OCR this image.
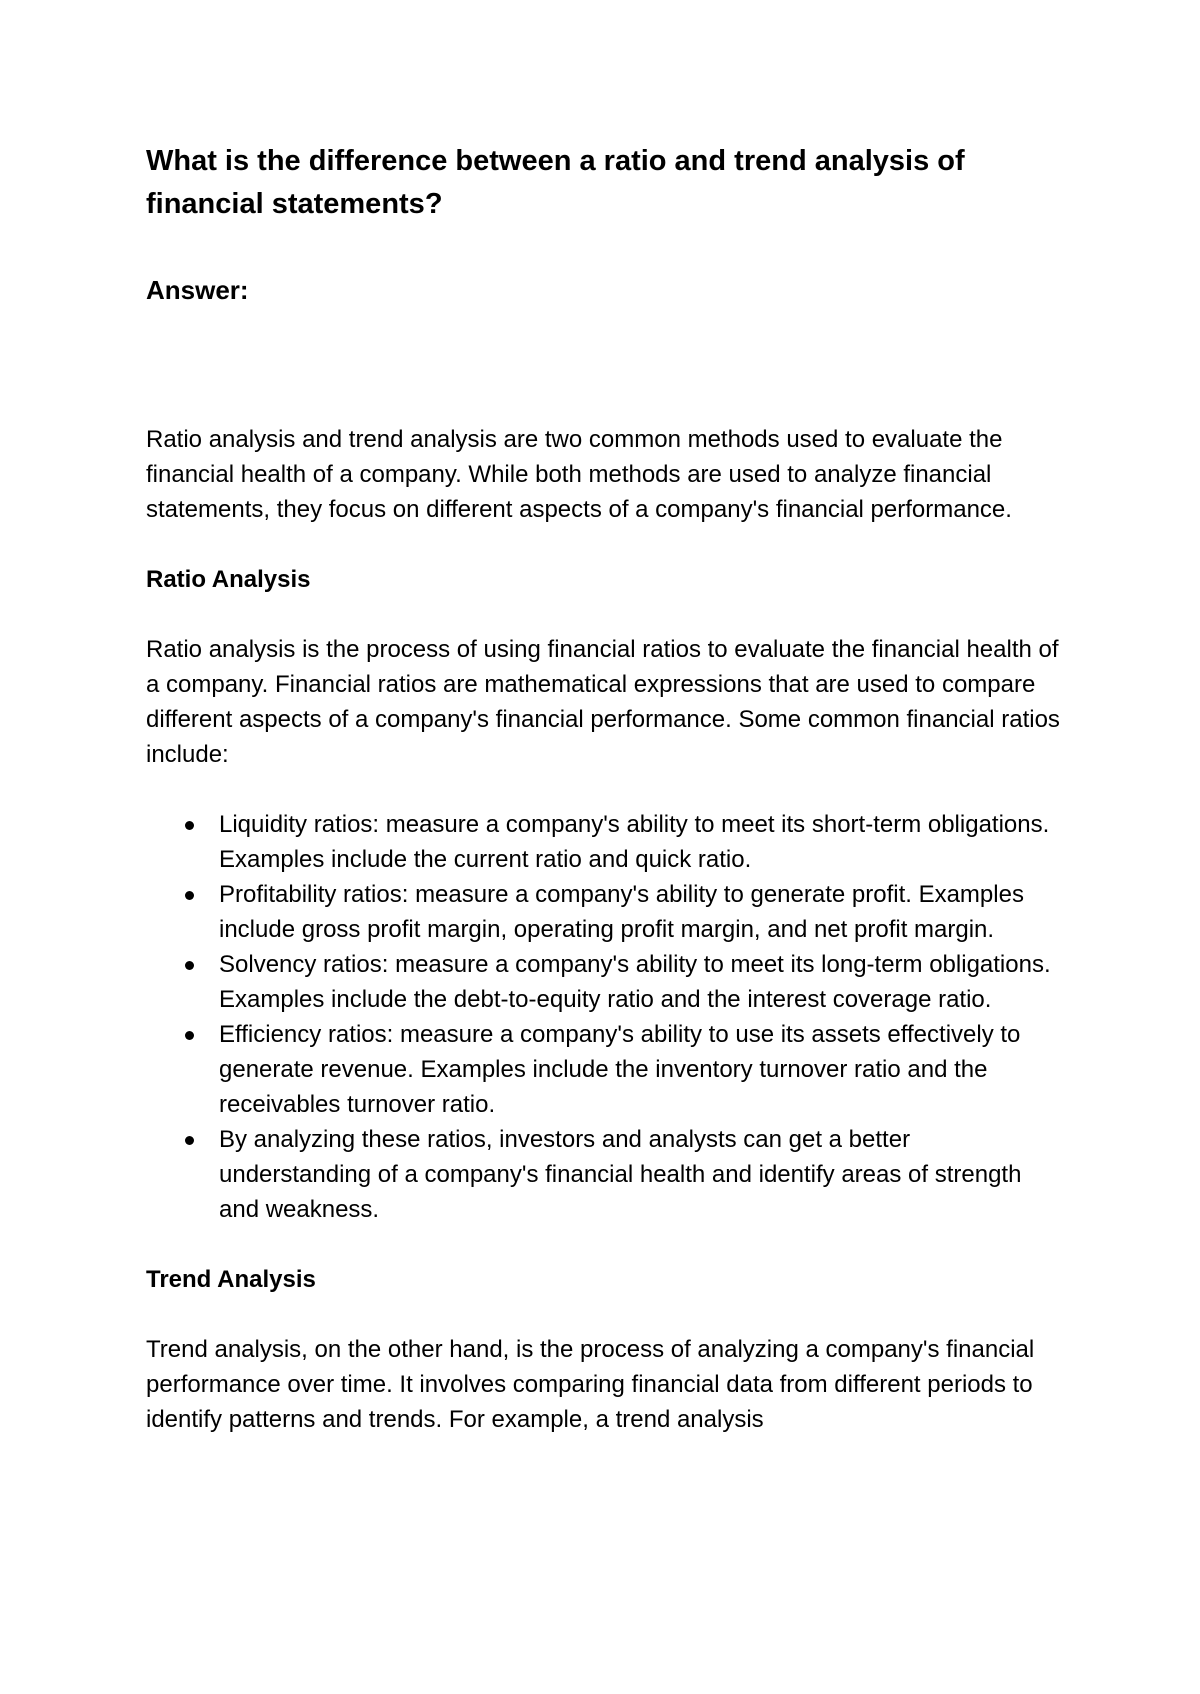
What is the difference between a ratio and trend analysis of financial statements?
Answer:

Ratio analysis and trend analysis are two common methods used to evaluate the financial health of a company. While both methods are used to analyze financial statements, they focus on different aspects of a company's financial performance.

Ratio Analysis

Ratio analysis is the process of using financial ratios to evaluate the financial health of a company. Financial ratios are mathematical expressions that are used to compare different aspects of a company's financial performance. Some common financial ratios include:

Liquidity ratios: measure a company's ability to meet its short-term obligations. Examples include the current ratio and quick ratio.
Profitability ratios: measure a company's ability to generate profit. Examples include gross profit margin, operating profit margin, and net profit margin.
Solvency ratios: measure a company's ability to meet its long-term obligations. Examples include the debt-to-equity ratio and the interest coverage ratio.
Efficiency ratios: measure a company's ability to use its assets effectively to generate revenue. Examples include the inventory turnover ratio and the receivables turnover ratio.
By analyzing these ratios, investors and analysts can get a better understanding of a company's financial health and identify areas of strength and weakness.
Trend Analysis

Trend analysis, on the other hand, is the process of analyzing a company's financial performance over time. It involves comparing financial data from different periods to identify patterns and trends. For example, a trend analysis
